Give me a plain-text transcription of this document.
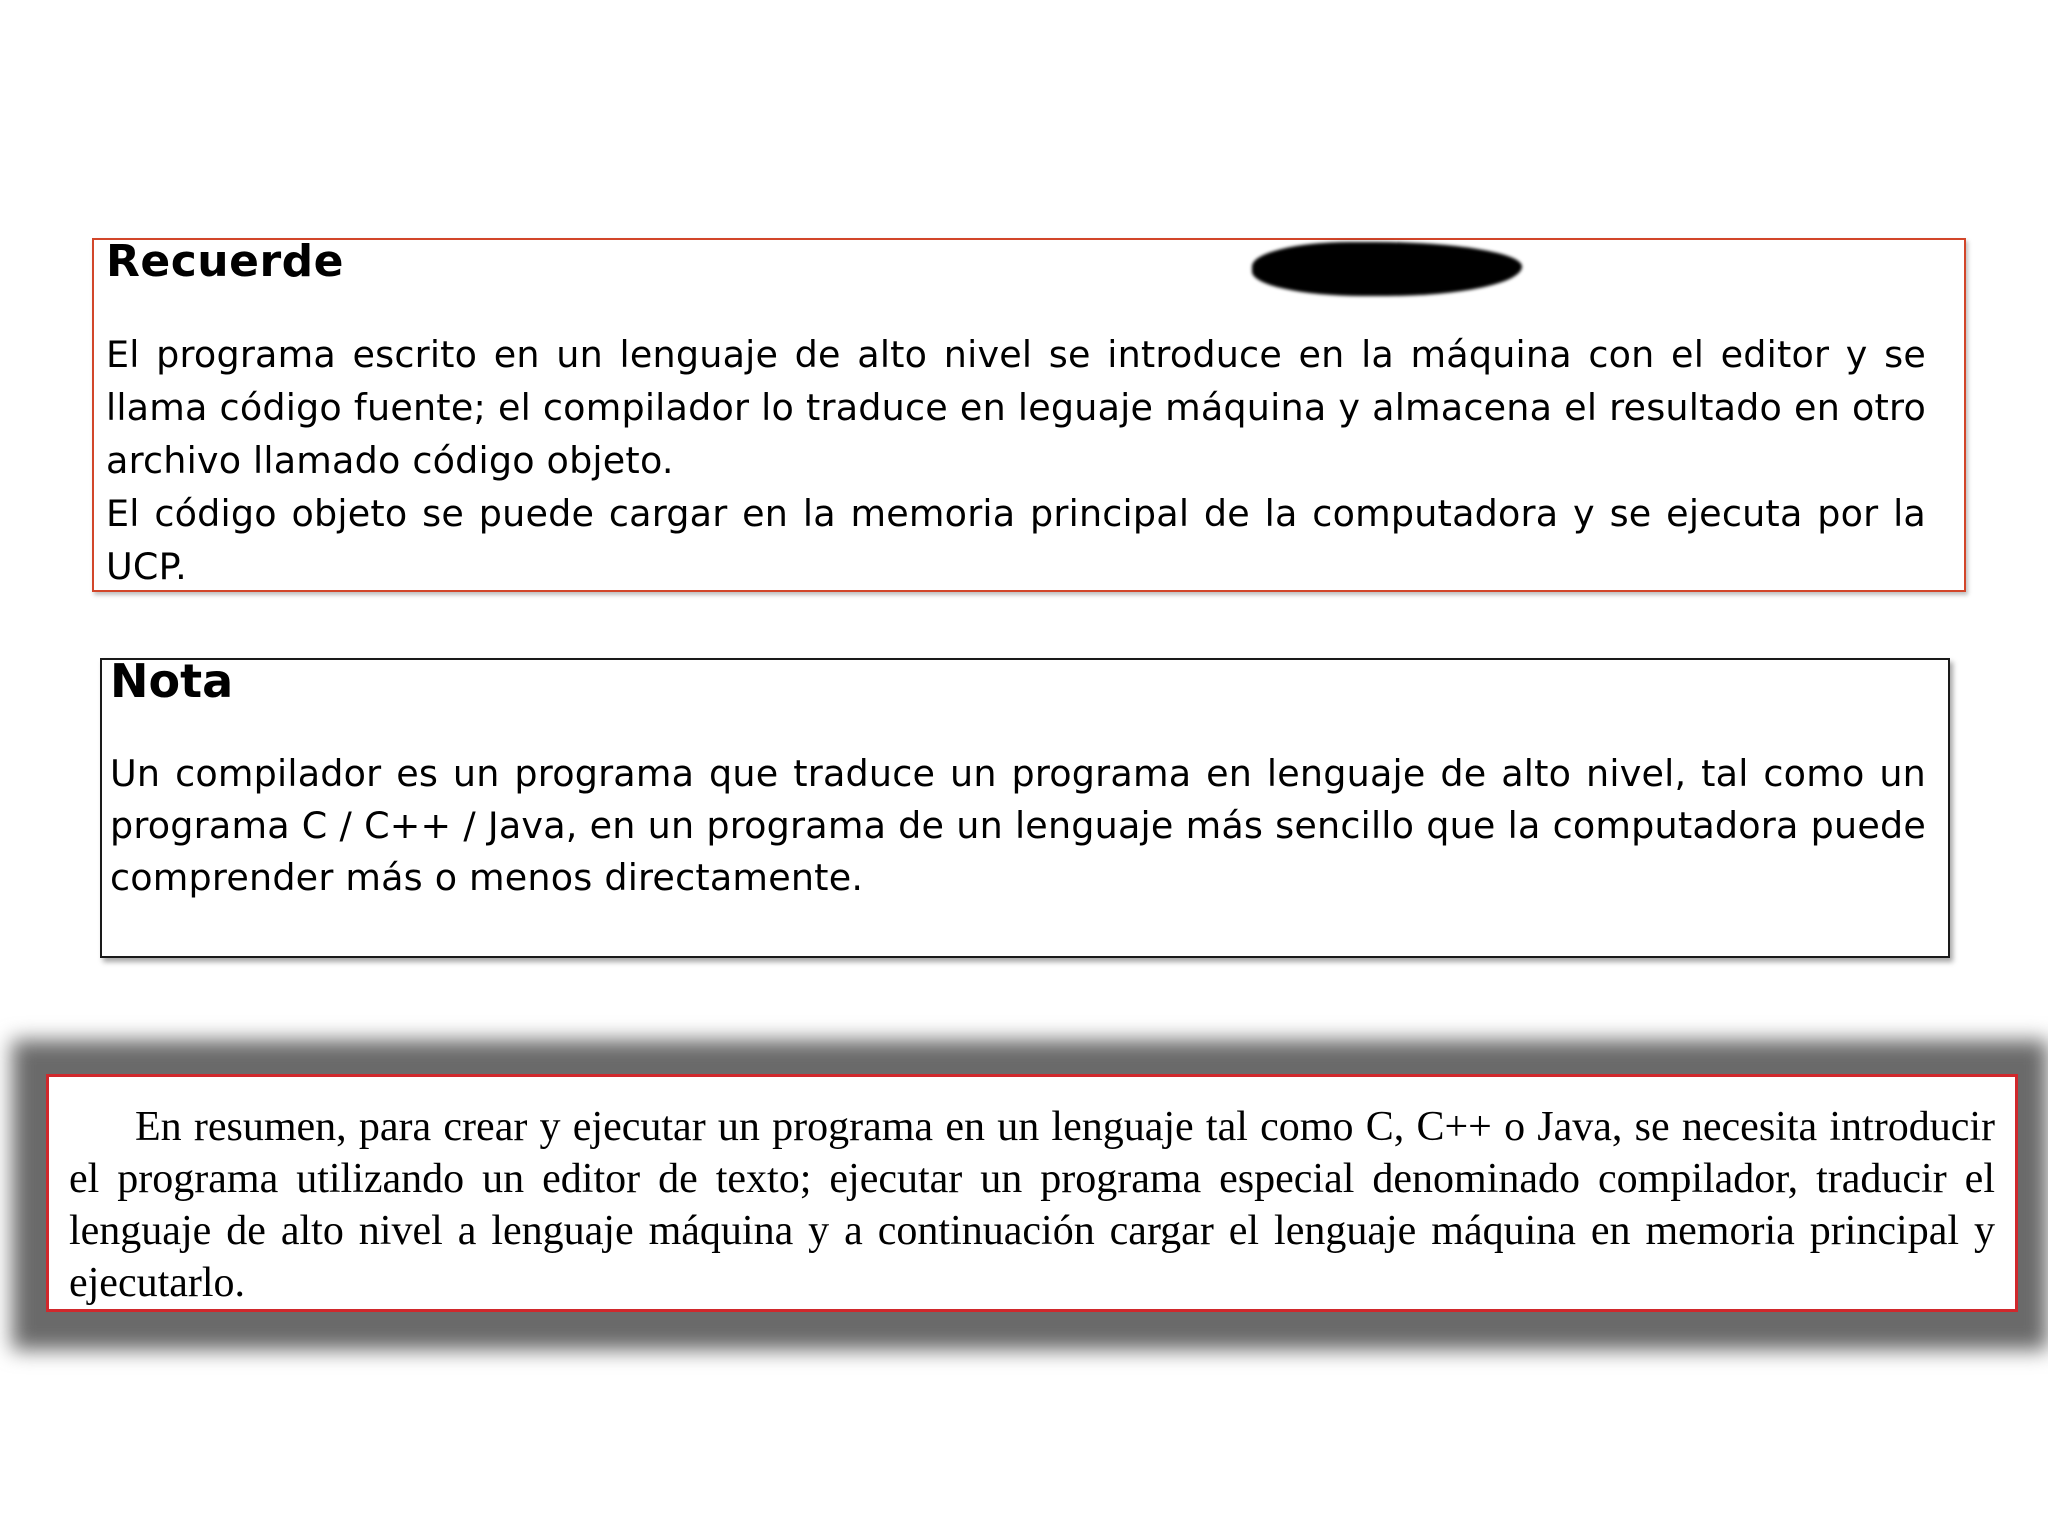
Recuerde

El programa escrito en un lenguaje de alto nivel se introduce en la máquina con el editor y se llama código fuente; el compilador lo traduce en leguaje máquina y almacena el resultado en otro archivo llamado código objeto.

El código objeto se puede cargar en la memoria principal de la computadora y se ejecuta por la UCP.

Nota

Un compilador es un programa que traduce un programa en lenguaje de alto nivel, tal como un programa C / C++ / Java, en un programa de un lenguaje más sencillo que la computadora puede comprender más o menos directamente.

En resumen, para crear y ejecutar un programa en un lenguaje tal como C, C++ o Java, se necesita introducir el programa utilizando un editor de texto; ejecutar un programa especial denominado compilador, traducir el lenguaje de alto nivel a lenguaje máquina y a continuación cargar el lenguaje máquina en memoria principal y ejecutarlo.
